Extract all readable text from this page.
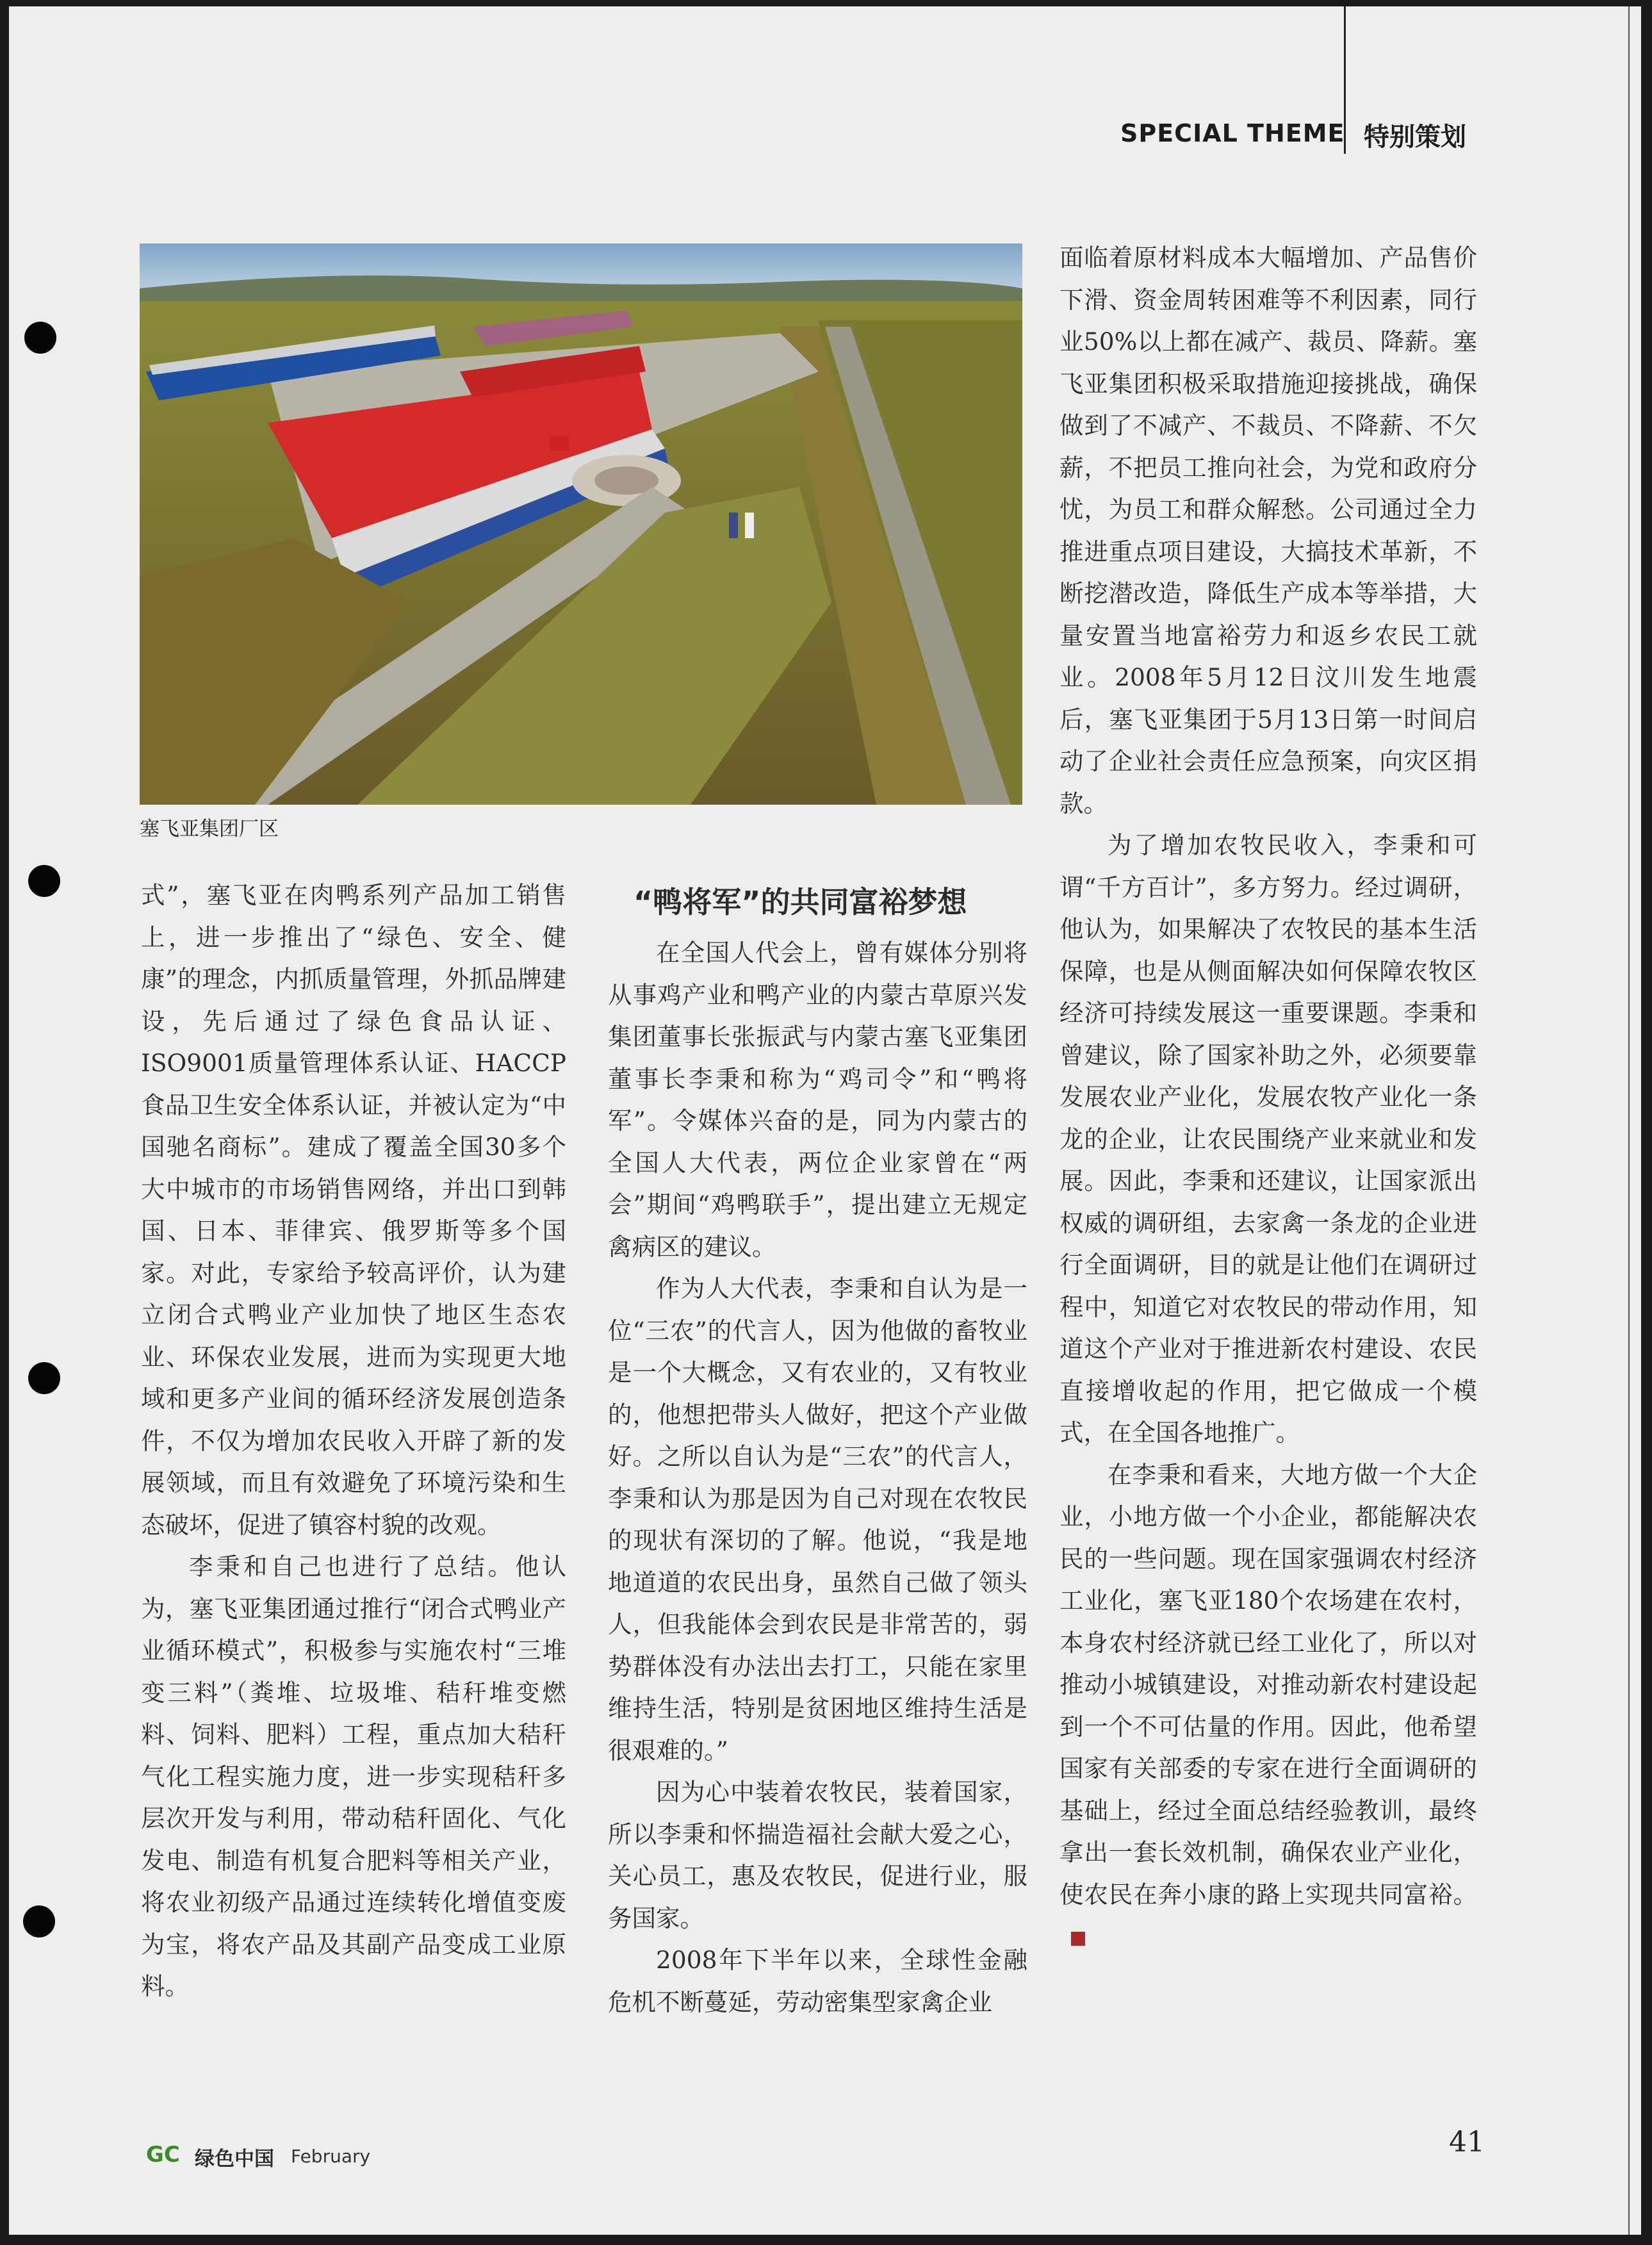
SPECIAL THEME 特别策划
塞飞亚集团厂区
“鸭将军”的共同富裕梦想

式”，塞飞亚在肉鸭系列产品加工销售上，进一步推出了“绿色、安全、健康”的理念，内抓质量管理，外抓品牌建设，先后通过了绿色食品认证、ISO9001质量管理体系认证、HACCP食品卫生安全体系认证，并被认定为“中国驰名商标”。建成了覆盖全国30多个大中城市的市场销售网络，并出口到韩国、日本、菲律宾、俄罗斯等多个国家。对此，专家给予较高评价，认为建立闭合式鸭业产业加快了地区生态农业、环保农业发展，进而为实现更大地域和更多产业间的循环经济发展创造条件，不仅为增加农民收入开辟了新的发展领域，而且有效避免了环境污染和生态破坏，促进了镇容村貌的改观。

李秉和自己也进行了总结。他认为，塞飞亚集团通过推行“闭合式鸭业产业循环模式”，积极参与实施农村“三堆变三料”（粪堆、垃圾堆、秸秆堆变燃料、饲料、肥料）工程，重点加大秸秆气化工程实施力度，进一步实现秸秆多层次开发与利用，带动秸秆固化、气化发电、制造有机复合肥料等相关产业，将农业初级产品通过连续转化增值变废为宝，将农产品及其副产品变成工业原料。

在全国人代会上，曾有媒体分别将从事鸡产业和鸭产业的内蒙古草原兴发集团董事长张振武与内蒙古塞飞亚集团董事长李秉和称为“鸡司令”和“鸭将军”。令媒体兴奋的是，同为内蒙古的全国人大代表，两位企业家曾在“两会”期间“鸡鸭联手”，提出建立无规定禽病区的建议。

作为人大代表，李秉和自认为是一位“三农”的代言人，因为他做的畜牧业是一个大概念，又有农业的，又有牧业的，他想把带头人做好，把这个产业做好。之所以自认为是“三农”的代言人，李秉和认为那是因为自己对现在农牧民的现状有深切的了解。他说，“我是地地道道的农民出身，虽然自己做了领头人，但我能体会到农民是非常苦的，弱势群体没有办法出去打工，只能在家里维持生活，特别是贫困地区维持生活是很艰难的。”

因为心中装着农牧民，装着国家，所以李秉和怀揣造福社会献大爱之心，关心员工，惠及农牧民，促进行业，服务国家。

2008年下半年以来，全球性金融危机不断蔓延，劳动密集型家禽企业

面临着原材料成本大幅增加、产品售价下滑、资金周转困难等不利因素，同行业50%以上都在减产、裁员、降薪。塞飞亚集团积极采取措施迎接挑战，确保做到了不减产、不裁员、不降薪、不欠薪，不把员工推向社会，为党和政府分忧，为员工和群众解愁。公司通过全力推进重点项目建设，大搞技术革新，不断挖潜改造，降低生产成本等举措，大量安置当地富裕劳力和返乡农民工就业。2008年5月12日汶川发生地震后，塞飞亚集团于5月13日第一时间启动了企业社会责任应急预案，向灾区捐款。

为了增加农牧民收入，李秉和可谓“千方百计”，多方努力。经过调研，他认为，如果解决了农牧民的基本生活保障，也是从侧面解决如何保障农牧区经济可持续发展这一重要课题。李秉和曾建议，除了国家补助之外，必须要靠发展农业产业化，发展农牧产业化一条龙的企业，让农民围绕产业来就业和发展。因此，李秉和还建议，让国家派出权威的调研组，去家禽一条龙的企业进行全面调研，目的就是让他们在调研过程中，知道它对农牧民的带动作用，知道这个产业对于推进新农村建设、农民直接增收起的作用，把它做成一个模式，在全国各地推广。

在李秉和看来，大地方做一个大企业，小地方做一个小企业，都能解决农民的一些问题。现在国家强调农村经济工业化，塞飞亚180个农场建在农村，本身农村经济就已经工业化了，所以对推动小城镇建设，对推动新农村建设起到一个不可估量的作用。因此，他希望国家有关部委的专家在进行全面调研的基础上，经过全面总结经验教训，最终拿出一套长效机制，确保农业产业化，使农民在奔小康的路上实现共同富裕。

GC 绿色中国 February	41
